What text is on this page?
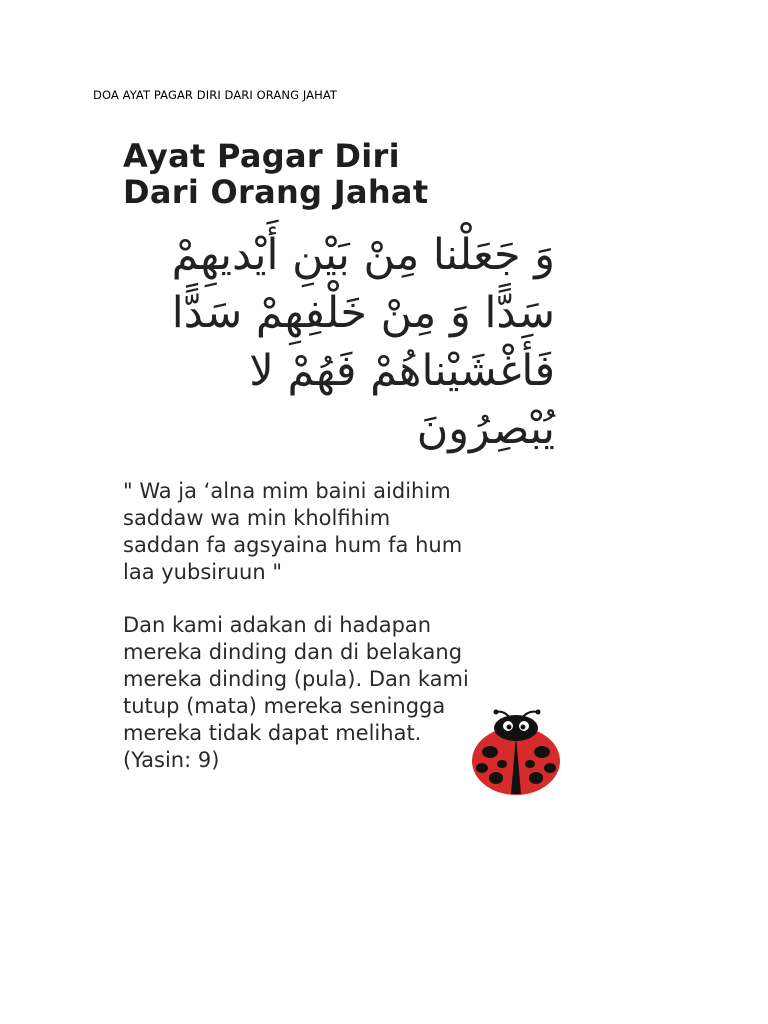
DOA AYAT PAGAR DIRI DARI ORANG JAHAT
Ayat Pagar Diri
Dari Orang Jahat
وَ جَعَلْنا مِنْ بَيْنِ أَيْديهِمْ
سَدًّا وَ مِنْ خَلْفِهِمْ سَدًّا
فَأَغْشَيْناهُمْ فَهُمْ لا
يُبْصِرُونَ
" Wa ja ‘alna mim baini aidihim
saddaw wa min kholfihim
saddan fa agsyaina hum fa hum
laa yubsiruun "
Dan kami adakan di hadapan
mereka dinding dan di belakang
mereka dinding (pula). Dan kami
tutup (mata) mereka seningga
mereka tidak dapat melihat.
(Yasin: 9)
